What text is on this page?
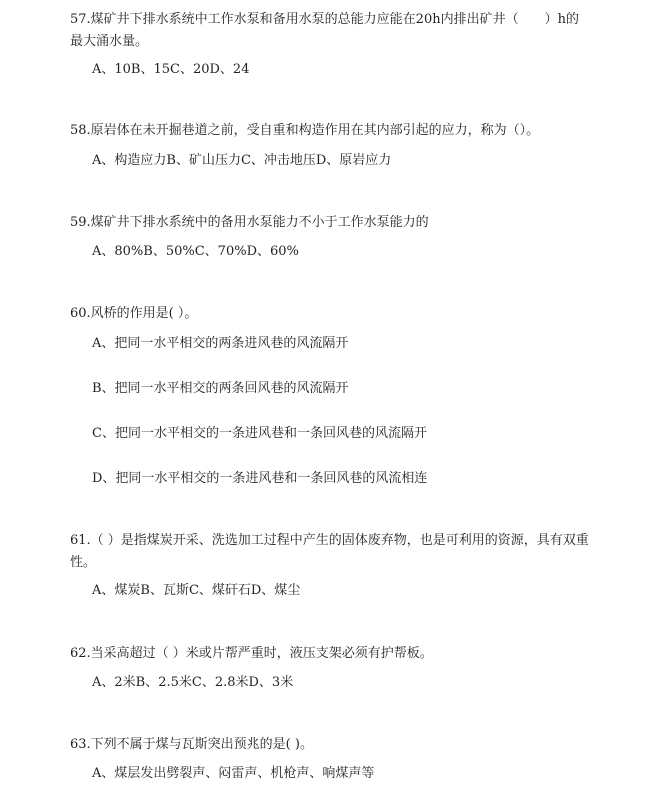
57.煤矿井下排水系统中工作水泵和备用水泵的总能力应能在20h内排出矿井（　　）h的最大涌水量。

A、10B、15C、20D、24

58.原岩体在未开掘巷道之前，受自重和构造作用在其内部引起的应力，称为（）。

A、构造应力B、矿山压力C、冲击地压D、原岩应力

59.煤矿井下排水系统中的备用水泵能力不小于工作水泵能力的

A、80%B、50%C、70%D、60%

60.风桥的作用是( ）。

A、把同一水平相交的两条进风巷的风流隔开

B、把同一水平相交的两条回风巷的风流隔开

C、把同一水平相交的一条进风巷和一条回风巷的风流隔开

D、把同一水平相交的一条进风巷和一条回风巷的风流相连

61.（ ）是指煤炭开采、洗选加工过程中产生的固体废弃物，也是可利用的资源，具有双重性。

A、煤炭B、瓦斯C、煤矸石D、煤尘

62.当采高超过（ ）米或片帮严重时，液压支架必须有护帮板。

A、2米B、2.5米C、2.8米D、3米

63.下列不属于煤与瓦斯突出预兆的是( )。

A、煤层发出劈裂声、闷雷声、机枪声、响煤声等
